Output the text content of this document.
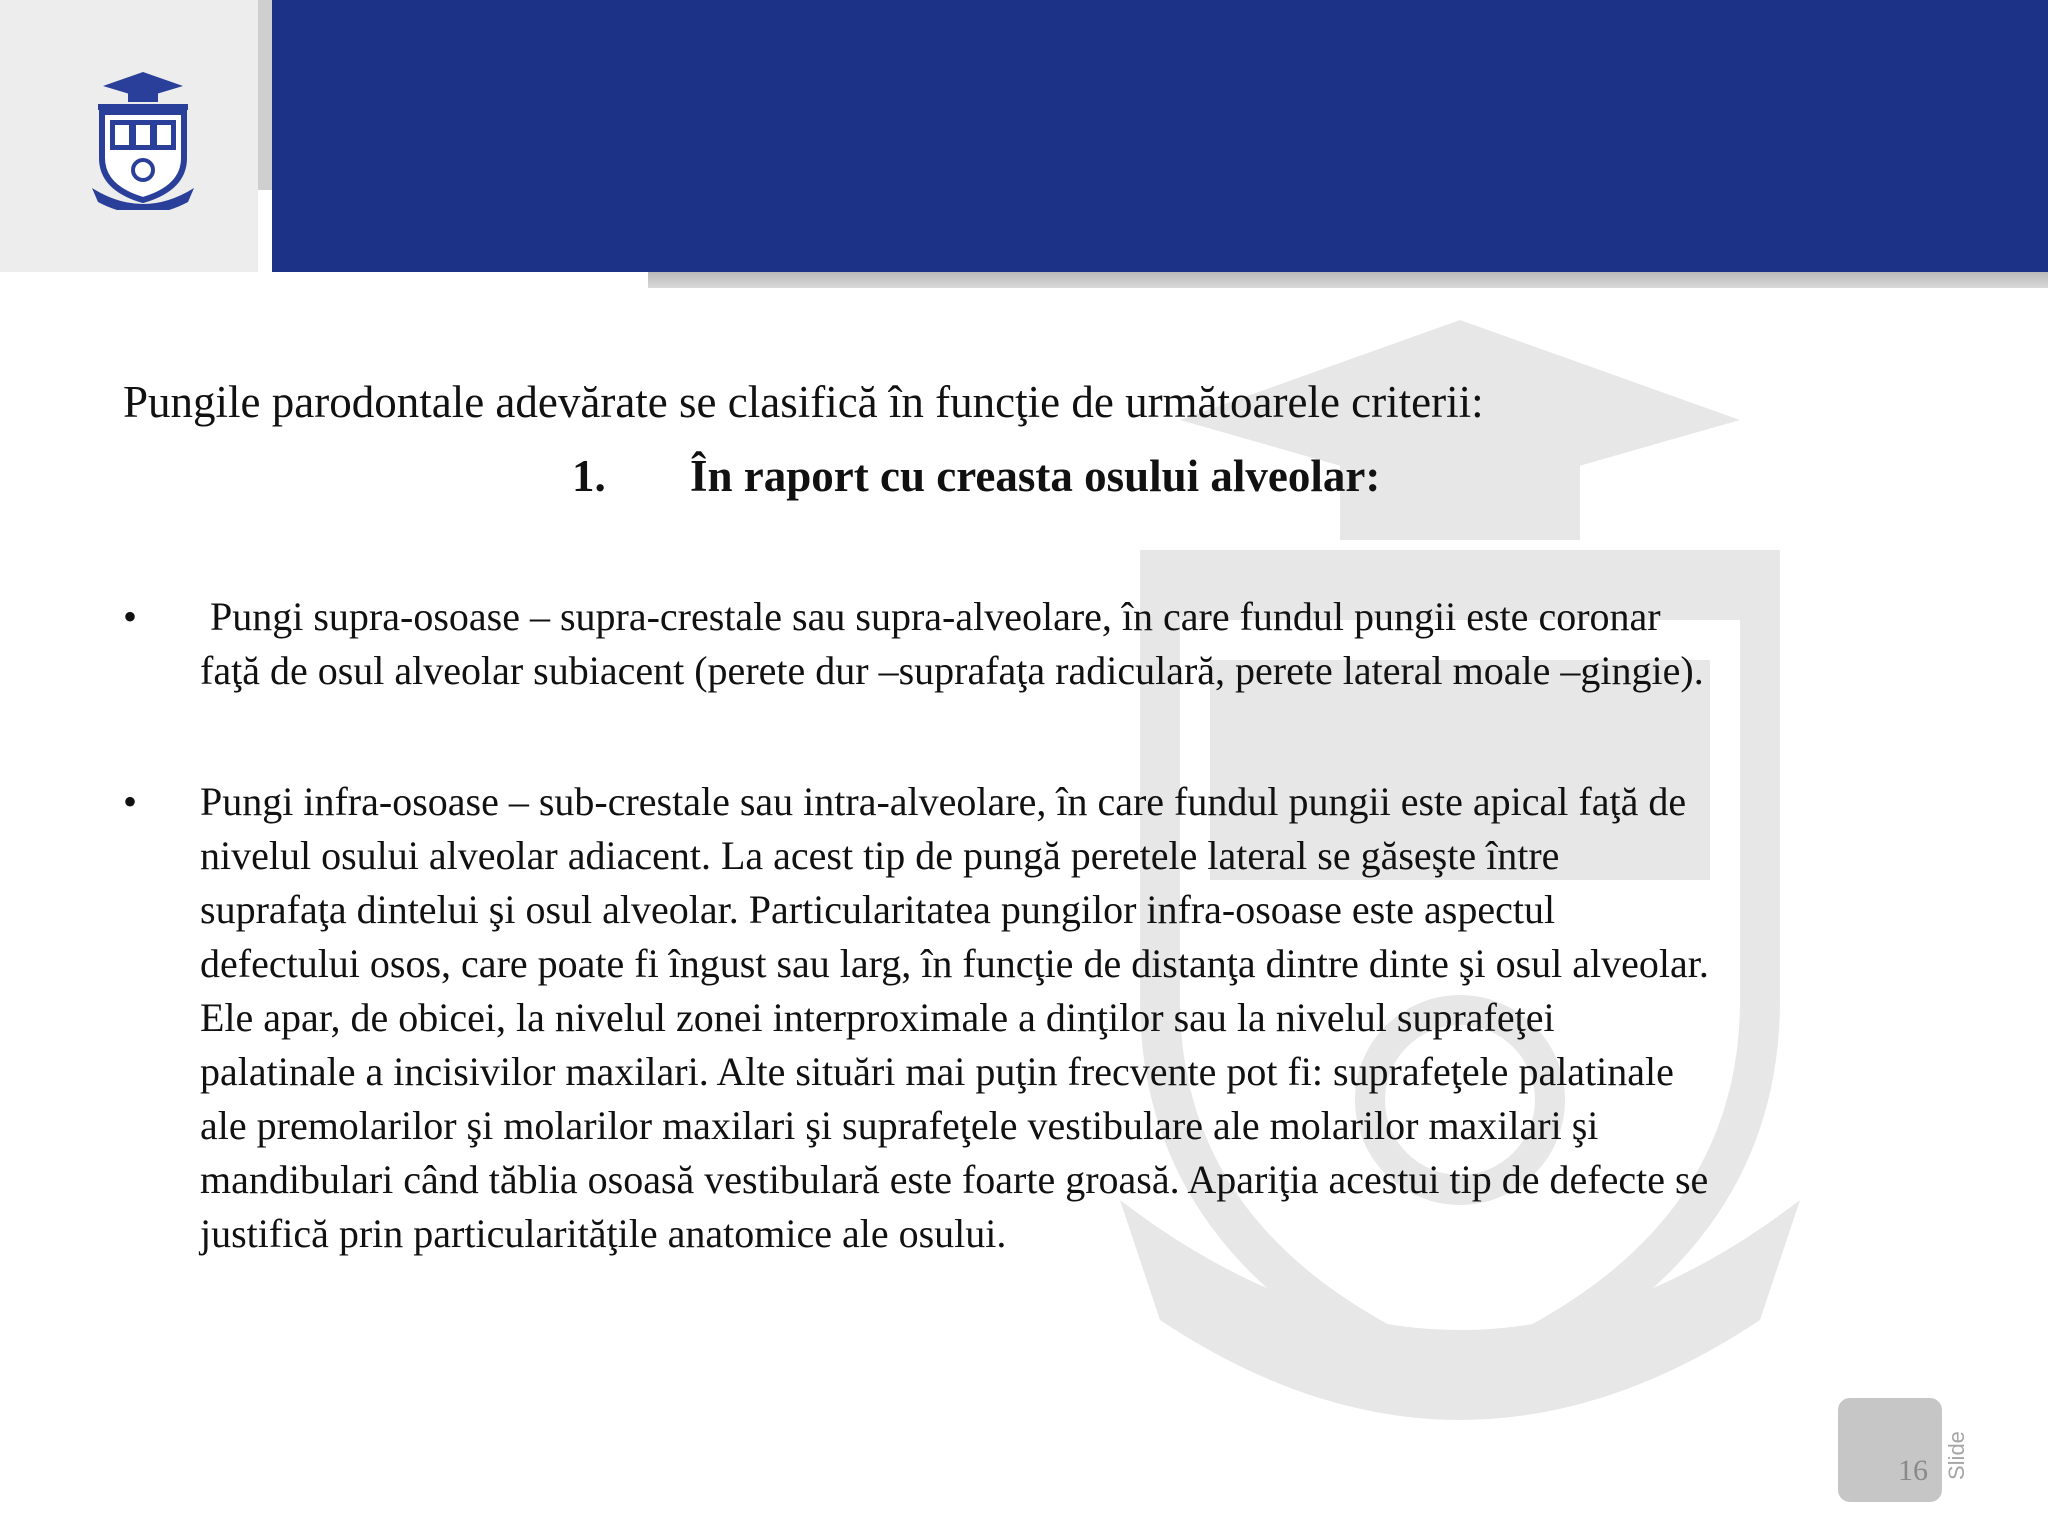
Pungile parodontale adevărate se clasifică în funcţie de următoarele criterii:
1. În raport cu creasta osului alveolar:
• Pungi supra-osoase – supra-crestale sau supra-alveolare, în care fundul pungii este coronar
faţă de osul alveolar subiacent (perete dur –suprafaţa radiculară, perete lateral moale –gingie).
• Pungi infra-osoase – sub-crestale sau intra-alveolare, în care fundul pungii este apical faţă de
nivelul osului alveolar adiacent. La acest tip de pungă peretele lateral se găseşte între
suprafaţa dintelui şi osul alveolar. Particularitatea pungilor infra-osoase este aspectul
defectului osos, care poate fi îngust sau larg, în funcţie de distanţa dintre dinte şi osul alveolar.
Ele apar, de obicei, la nivelul zonei interproximale a dinţilor sau la nivelul suprafeţei
palatinale a incisivilor maxilari. Alte situări mai puţin frecvente pot fi: suprafeţele palatinale
ale premolarilor şi molarilor maxilari şi suprafeţele vestibulare ale molarilor maxilari şi
mandibulari când tăblia osoasă vestibulară este foarte groasă. Apariţia acestui tip de defecte se
justifică prin particularităţile anatomice ale osului.
16 Slide
